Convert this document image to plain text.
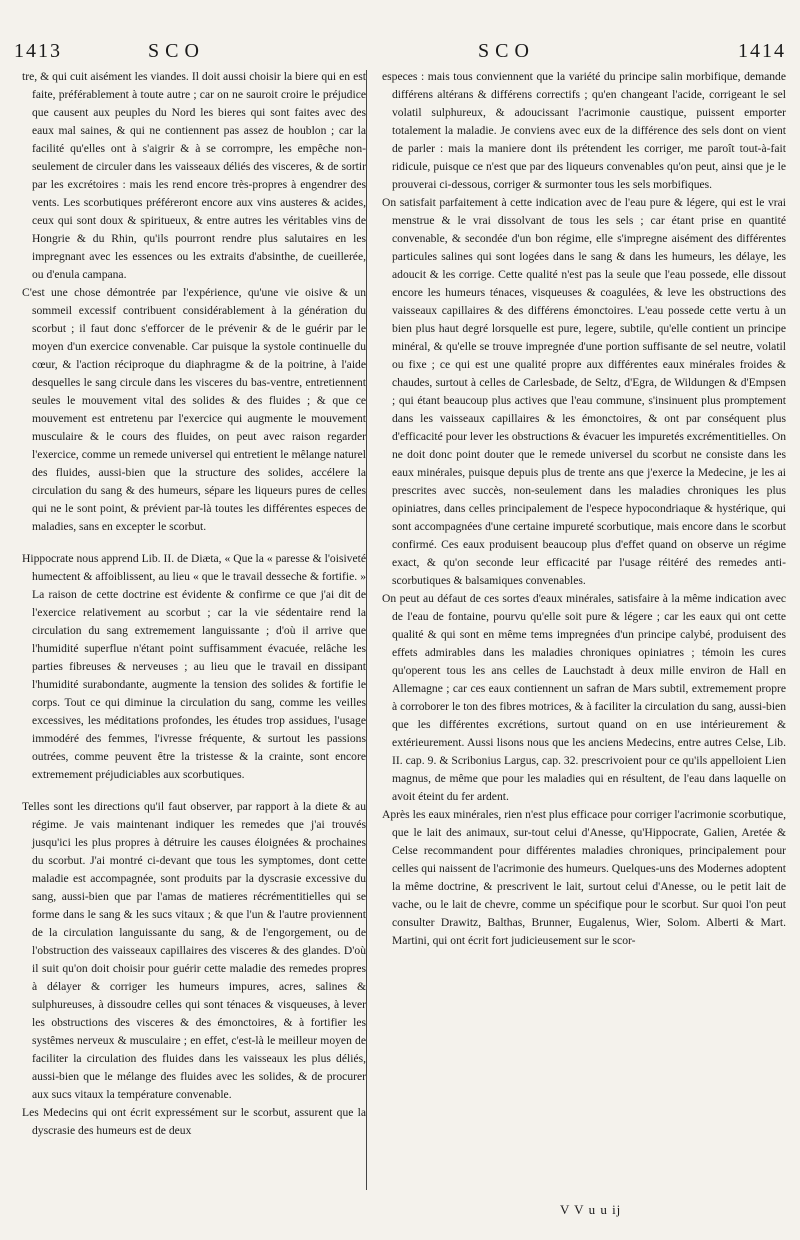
1413	SCO	SCO	1414

tre, & qui cuit aisément les viandes. Il doit aussi choisir la biere qui en est faite, préférablement à toute autre ; car on ne sauroit croire le préjudice que causent aux peuples du Nord les bieres qui sont faites avec des eaux mal saines, & qui ne contiennent pas assez de houblon ; car la facilité qu'elles ont à s'aigrir & à se corrompre, les empêche non-seulement de circuler dans les vaisseaux déliés des visceres, & de sortir par les excrétoires : mais les rend encore très-propres à engendrer des vents. Les scorbutiques préféreront encore aux vins austeres & acides, ceux qui sont doux & spiritueux, & entre autres les véritables vins de Hongrie & du Rhin, qu'ils pourront rendre plus salutaires en les impregnant avec les essences ou les extraits d'absinthe, de cueillerée, ou d'enula campana.

C'est une chose démontrée par l'expérience, qu'une vie oisive & un sommeil excessif contribuent considérablement à la génération du scorbut ; il faut donc s'efforcer de le prévenir & de le guérir par le moyen d'un exercice convenable. Car puisque la systole continuelle du cœur, & l'action réciproque du diaphragme & de la poitrine, à l'aide desquelles le sang circule dans les visceres du bas-ventre, entretiennent seules le mouvement vital des solides & des fluides ; & que ce mouvement est entretenu par l'exercice qui augmente le mouvement musculaire & le cours des fluides, on peut avec raison regarder l'exercice, comme un remede universel qui entretient le mêlange naturel des fluides, aussi-bien que la structure des solides, accélere la circulation du sang & des humeurs, sépare les liqueurs pures de celles qui ne le sont point, & prévient par-là toutes les différentes especes de maladies, sans en excepter le scorbut.

Hippocrate nous apprend Lib. II. de Diæta, « Que la « paresse & l'oisiveté humectent & affoiblissent, au lieu « que le travail desseche & fortifie. » La raison de cette doctrine est évidente & confirme ce que j'ai dit de l'exercice relativement au scorbut ; car la vie sédentaire rend la circulation du sang extremement languissante ; d'où il arrive que l'humidité superflue n'étant point suffisamment évacuée, relâche les parties fibreuses & nerveuses ; au lieu que le travail en dissipant l'humidité surabondante, augmente la tension des solides & fortifie le corps. Tout ce qui diminue la circulation du sang, comme les veilles excessives, les méditations profondes, les études trop assidues, l'usage immodéré des femmes, l'ivresse fréquente, & surtout les passions outrées, comme peuvent être la tristesse & la crainte, sont encore extremement préjudiciables aux scorbutiques.

Telles sont les directions qu'il faut observer, par rapport à la diete & au régime. Je vais maintenant indiquer les remedes que j'ai trouvés jusqu'ici les plus propres à détruire les causes éloignées & prochaines du scorbut. J'ai montré ci-devant que tous les symptomes, dont cette maladie est accompagnée, sont produits par la dyscrasie excessive du sang, aussi-bien que par l'amas de matieres récrémentitielles qui se forme dans le sang & les sucs vitaux ; & que l'un & l'autre proviennent de la circulation languissante du sang, & de l'engorgement, ou de l'obstruction des vaisseaux capillaires des visceres & des glandes. D'où il suit qu'on doit choisir pour guérir cette maladie des remedes propres à délayer & corriger les humeurs impures, acres, salines & sulphureuses, à dissoudre celles qui sont ténaces & visqueuses, à lever les obstructions des visceres & des émonctoires, & à fortifier les systêmes nerveux & musculaire ; en effet, c'est-là le meilleur moyen de faciliter la circulation des fluides dans les vaisseaux les plus déliés, aussi-bien que le mélange des fluides avec les solides, & de procurer aux sucs vitaux la température convenable.

Les Medecins qui ont écrit expressément sur le scorbut, assurent que la dyscrasie des humeurs est de deux

especes : mais tous conviennent que la variété du principe salin morbifique, demande différens altérans & différens correctifs ; qu'en changeant l'acide, corrigeant le sel volatil sulphureux, & adoucissant l'acrimonie caustique, puissent emporter totalement la maladie. Je conviens avec eux de la différence des sels dont on vient de parler : mais la maniere dont ils prétendent les corriger, me paroît tout-à-fait ridicule, puisque ce n'est que par des liqueurs convenables qu'on peut, ainsi que je le prouverai ci-dessous, corriger & surmonter tous les sels morbifiques.

On satisfait parfaitement à cette indication avec de l'eau pure & légere, qui est le vrai menstrue & le vrai dissolvant de tous les sels ; car étant prise en quantité convenable, & secondée d'un bon régime, elle s'impregne aisément des différentes particules salines qui sont logées dans le sang & dans les humeurs, les délaye, les adoucit & les corrige. Cette qualité n'est pas la seule que l'eau possede, elle dissout encore les humeurs ténaces, visqueuses & coagulées, & leve les obstructions des vaisseaux capillaires & des différens émonctoires. L'eau possede cette vertu à un bien plus haut degré lorsquelle est pure, legere, subtile, qu'elle contient un principe minéral, & qu'elle se trouve impregnée d'une portion suffisante de sel neutre, volatil ou fixe ; ce qui est une qualité propre aux différentes eaux minérales froides & chaudes, surtout à celles de Carlesbade, de Seltz, d'Egra, de Wildungen & d'Empsen ; qui étant beaucoup plus actives que l'eau commune, s'insinuent plus promptement dans les vaisseaux capillaires & les émonctoires, & ont par conséquent plus d'efficacité pour lever les obstructions & évacuer les impuretés excrémentitielles. On ne doit donc point douter que le remede universel du scorbut ne consiste dans les eaux minérales, puisque depuis plus de trente ans que j'exerce la Medecine, je les ai prescrites avec succès, non-seulement dans les maladies chroniques les plus opiniatres, dans celles principalement de l'espece hypocondriaque & hystérique, qui sont accompagnées d'une certaine impureté scorbutique, mais encore dans le scorbut confirmé. Ces eaux produisent beaucoup plus d'effet quand on observe un régime exact, & qu'on seconde leur efficacité par l'usage réitéré des remedes anti-scorbutiques & balsamiques convenables.

On peut au défaut de ces sortes d'eaux minérales, satisfaire à la même indication avec de l'eau de fontaine, pourvu qu'elle soit pure & légere ; car les eaux qui ont cette qualité & qui sont en même tems impregnées d'un principe calybé, produisent des effets admirables dans les maladies chroniques opiniatres ; témoin les cures qu'operent tous les ans celles de Lauchstadt à deux mille environ de Hall en Allemagne ; car ces eaux contiennent un safran de Mars subtil, extremement propre à corroborer le ton des fibres motrices, & à faciliter la circulation du sang, aussi-bien que les différentes excrétions, surtout quand on en use intérieurement & extérieurement. Aussi lisons nous que les anciens Medecins, entre autres Celse, Lib. II. cap. 9. & Scribonius Largus, cap. 32. prescrivoient pour ce qu'ils appelloient Lien magnus, de même que pour les maladies qui en résultent, de l'eau dans laquelle on avoit éteint du fer ardent.

Après les eaux minérales, rien n'est plus efficace pour corriger l'acrimonie scorbutique, que le lait des animaux, sur-tout celui d'Anesse, qu'Hippocrate, Galien, Aretée & Celse recommandent pour différentes maladies chroniques, principalement pour celles qui naissent de l'acrimonie des humeurs. Quelques-uns des Modernes adoptent la même doctrine, & prescrivent le lait, surtout celui d'Anesse, ou le petit lait de vache, ou le lait de chevre, comme un spécifique pour le scorbut. Sur quoi l'on peut consulter Drawitz, Balthas, Brunner, Eugalenus, Wier, Solom. Alberti & Mart. Martini, qui ont écrit fort judicieusement sur le scor-

V V u u ij
